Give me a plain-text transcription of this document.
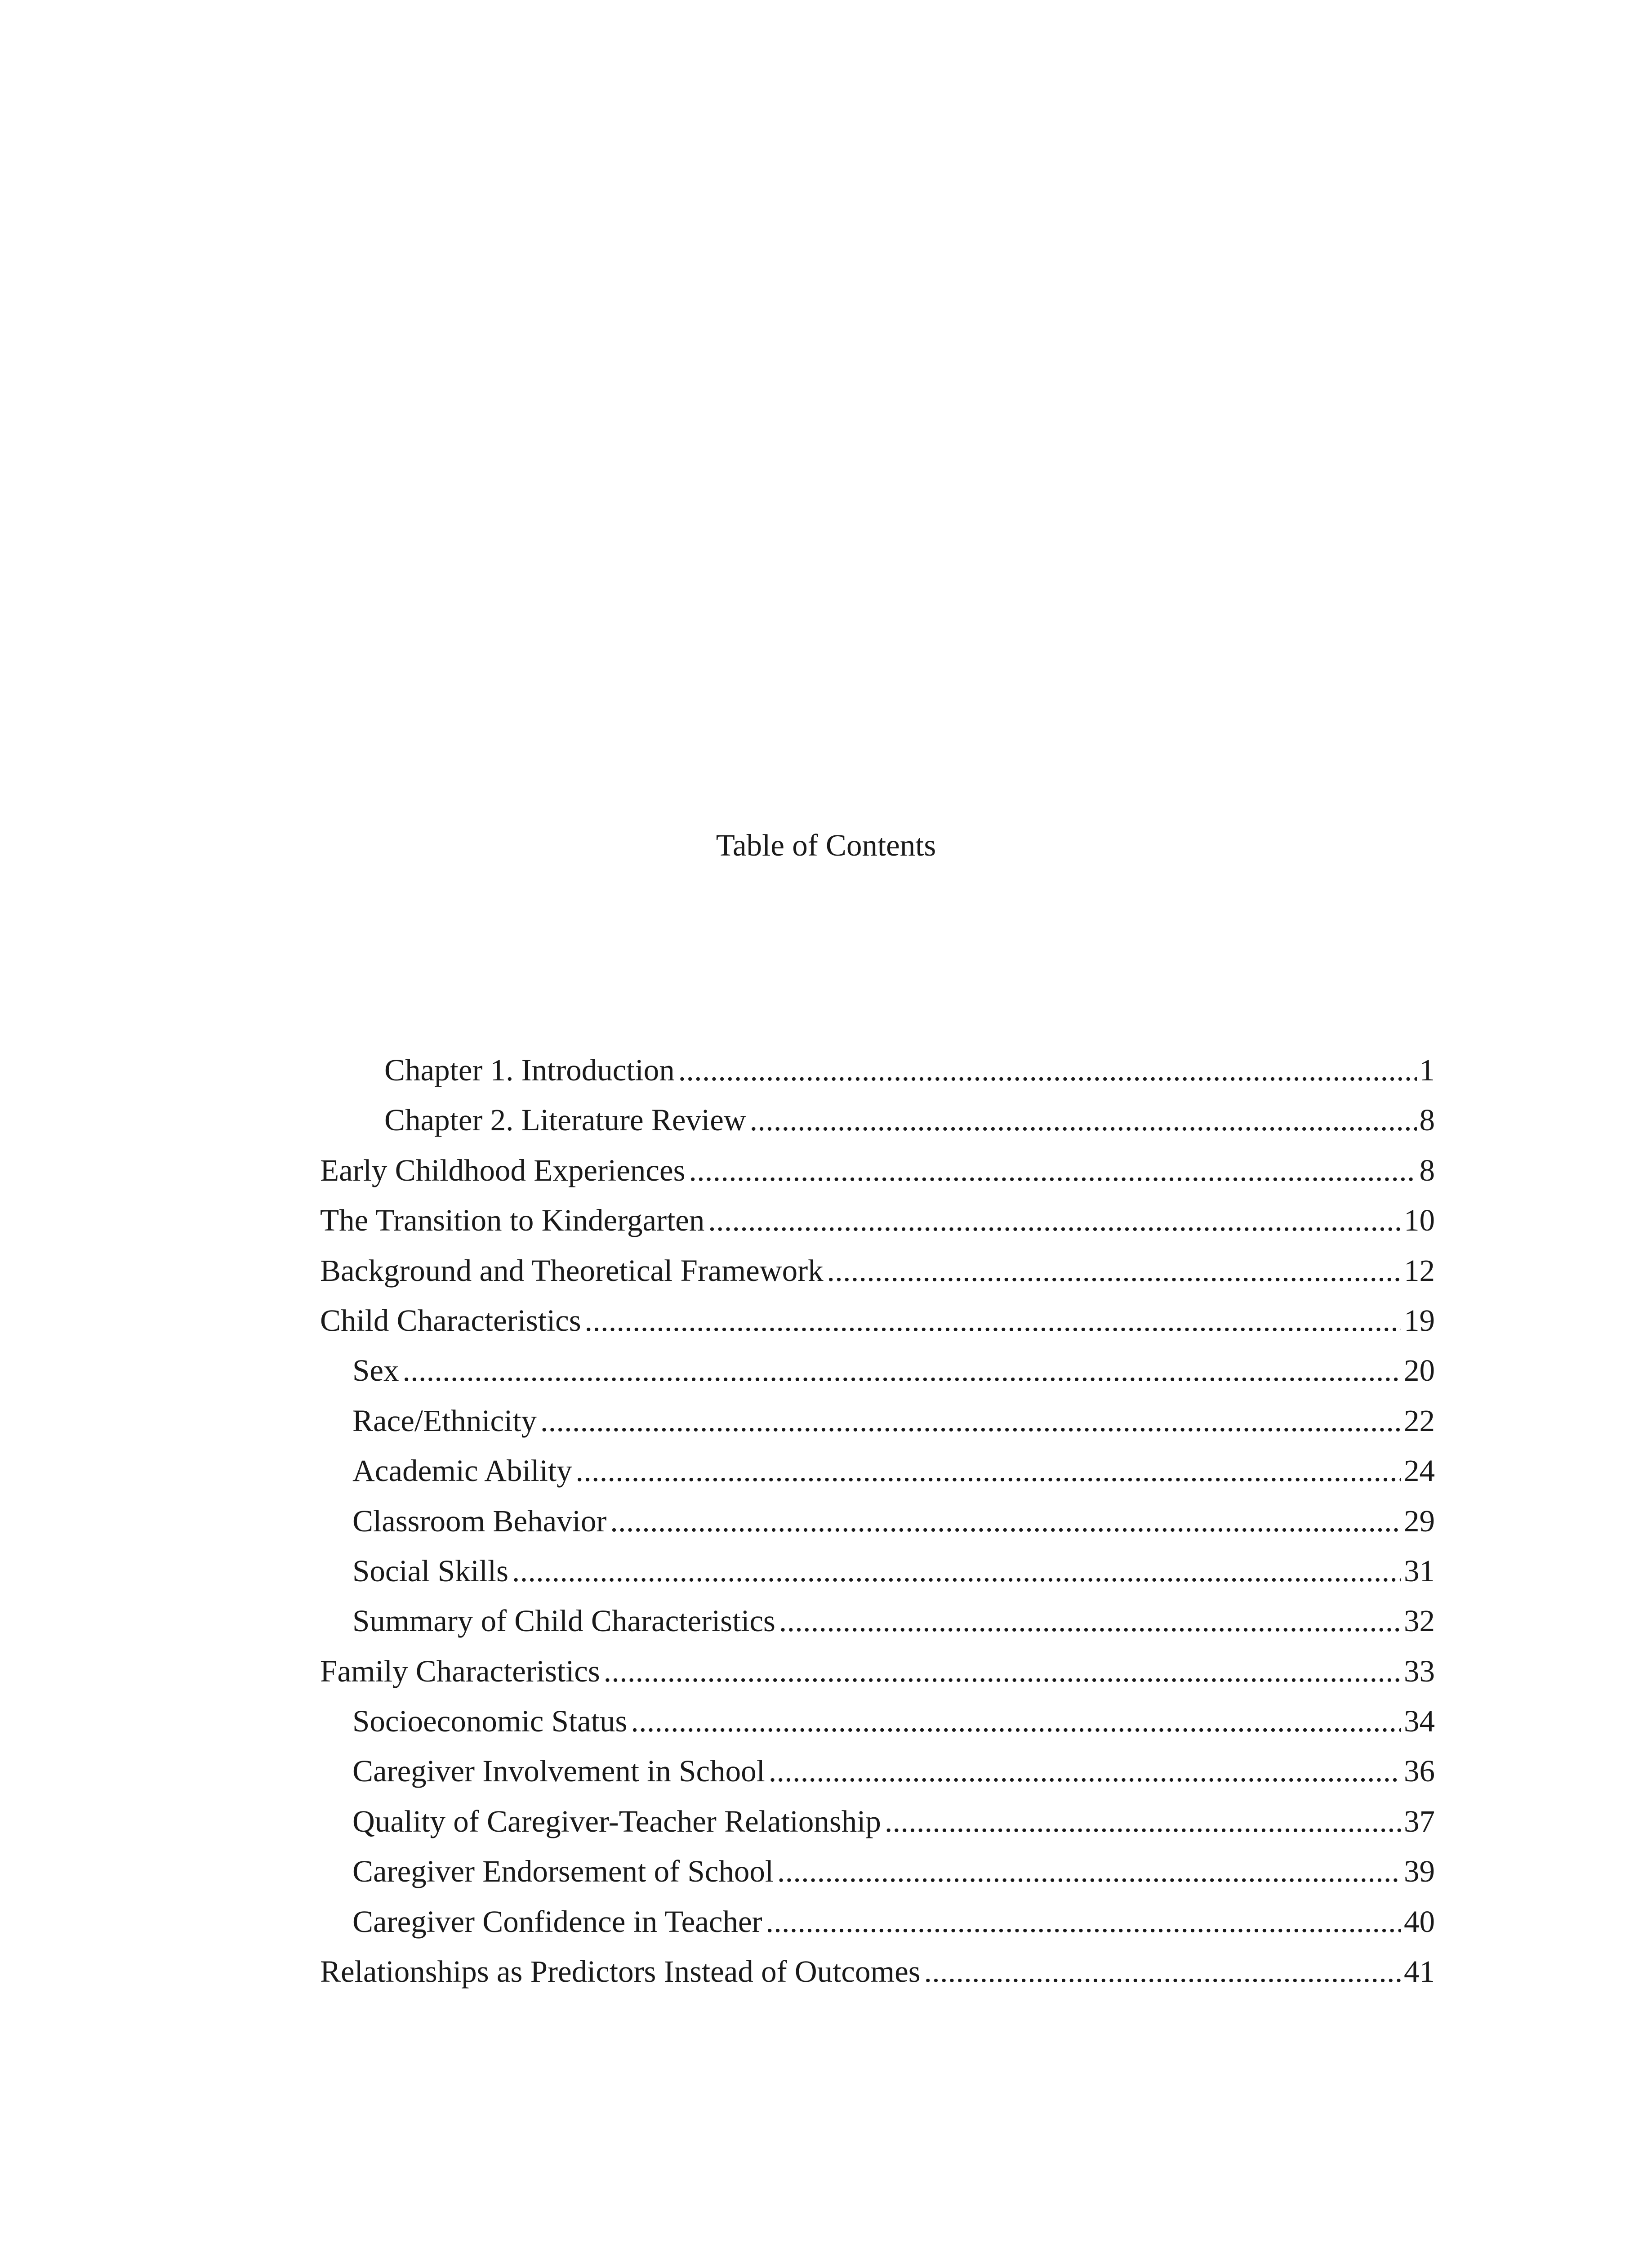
Table of Contents
Chapter 1. Introduction .....	1
Chapter 2. Literature Review .....	8
Early Childhood Experiences .....	8
The Transition to Kindergarten .....	10
Background and Theoretical Framework .....	12
Child Characteristics .....	19
Sex .....	20
Race/Ethnicity .....	22
Academic Ability .....	24
Classroom Behavior .....	29
Social Skills .....	31
Summary of Child Characteristics .....	32
Family Characteristics .....	33
Socioeconomic Status .....	34
Caregiver Involvement in School .....	36
Quality of Caregiver-Teacher Relationship .....	37
Caregiver Endorsement of School .....	39
Caregiver Confidence in Teacher .....	40
Relationships as Predictors Instead of Outcomes .....	41
